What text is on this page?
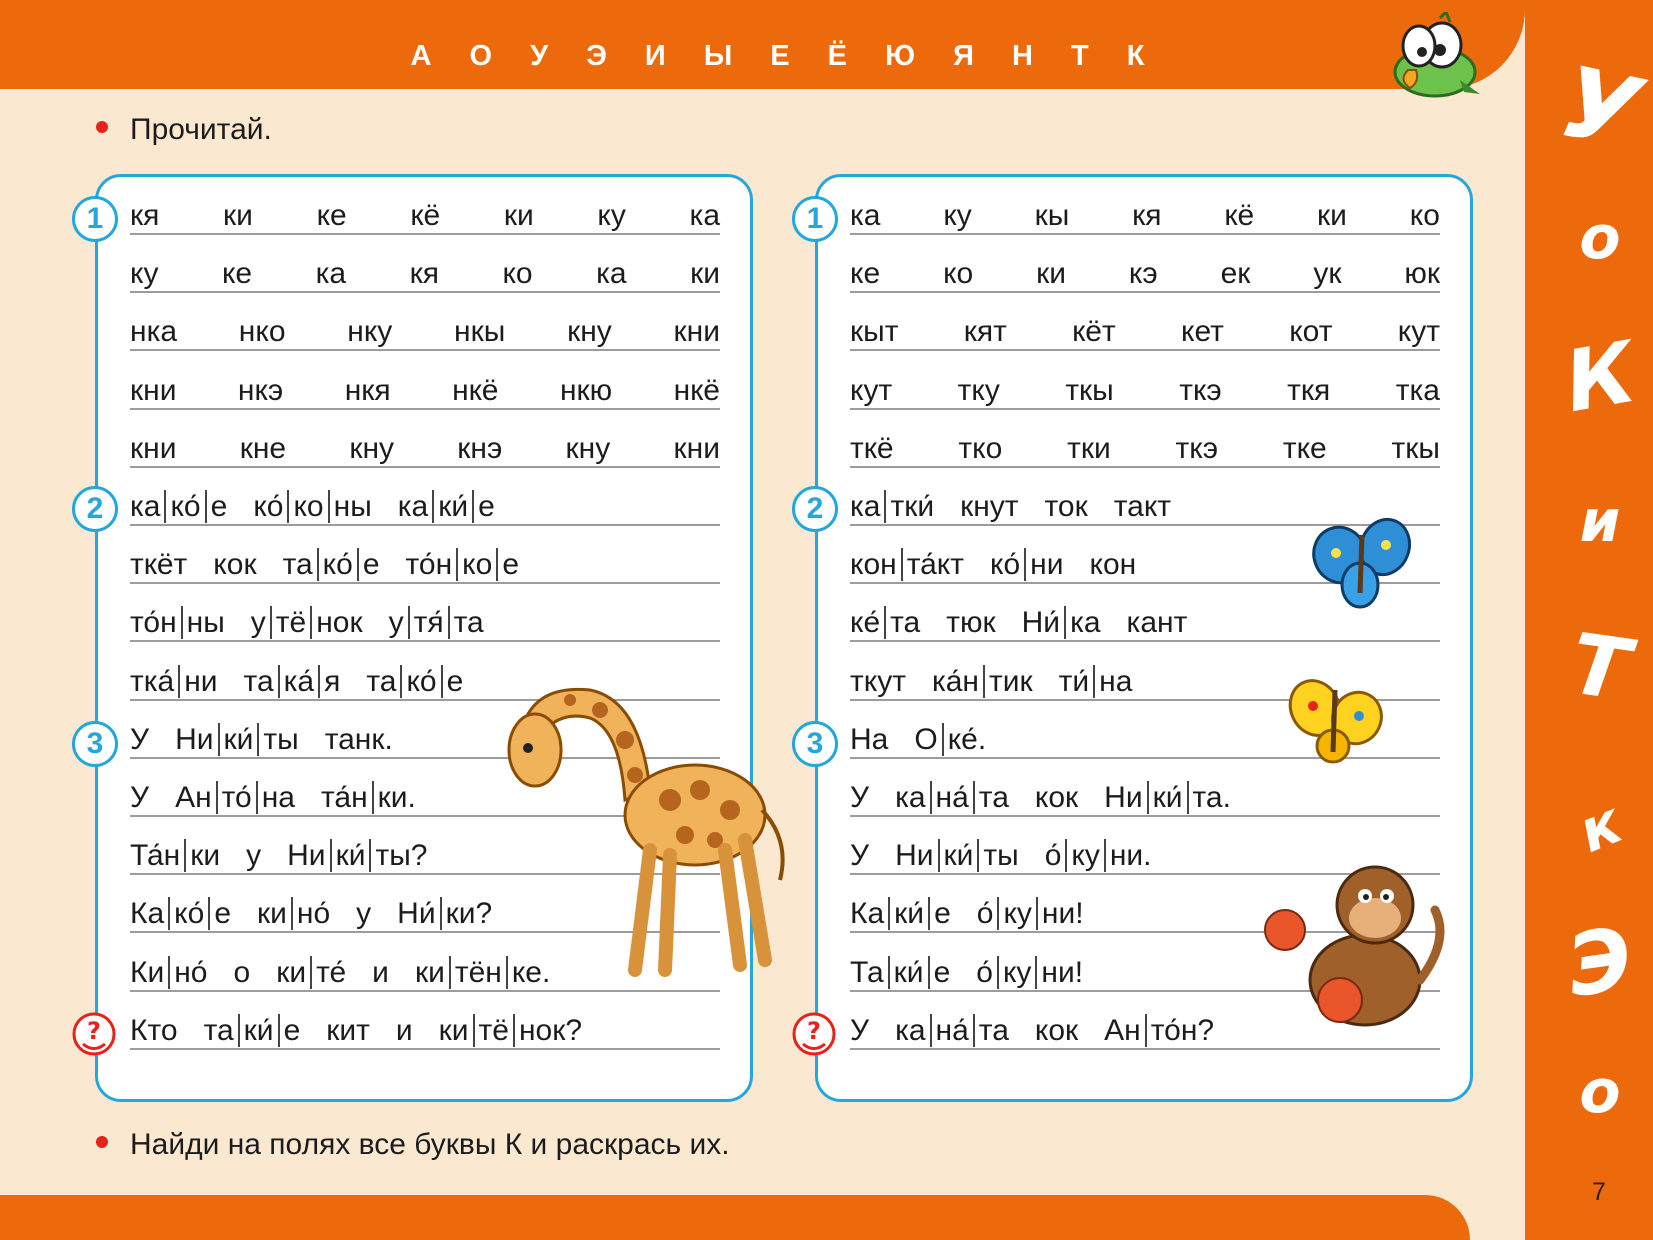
А О У Э И Ы Е Ё Ю Я Н Т К	У
о
К
и
Т
к
Э
о
7
Прочитай.
Найди на полях все буквы К и раскрась их.
1
2
3
1
2
3
?	?
кя ки ке кё ки ку ка
ку ке ка кя ко ка ки
нка нко нку нкы кну кни
кни нкэ нкя нкё нкю нкё
кни кне кну кнэ кну кни
ка ко́ е ко́ ко ны ка ки́ е
ткёт кок та ко́ е то́н ко е
то́н ны у тё нок у тя́ та
тка́ ни та ка́ я та ко́ е
У Ни ки́ ты танк.
У Ан то́ на та́н ки.
Та́н ки у Ни ки́ ты?
Ка ко́ е ки но́ у Ни́ ки?
Ки но́ о ки те́ и ки тён ке.
Кто та ки́ е кит и ки тё нок?
ка ку кы кя кё ки ко
ке ко ки кэ ек ук юк
кыт кят кёт кет кот кут
кут тку ткы ткэ ткя тка
ткё тко тки ткэ тке ткы
ка тки́ кнут ток такт
кон та́кт ко́ ни кон
ке́ та тюк Ни́ ка кант
ткут ка́н тик ти́ на
На О ке́.
У ка на́ та кок Ни ки́ та.
У Ни ки́ ты о́ ку ни.
Ка ки́ е о́ ку ни!
Та ки́ е о́ ку ни!
У ка на́ та кок Ан то́н?
